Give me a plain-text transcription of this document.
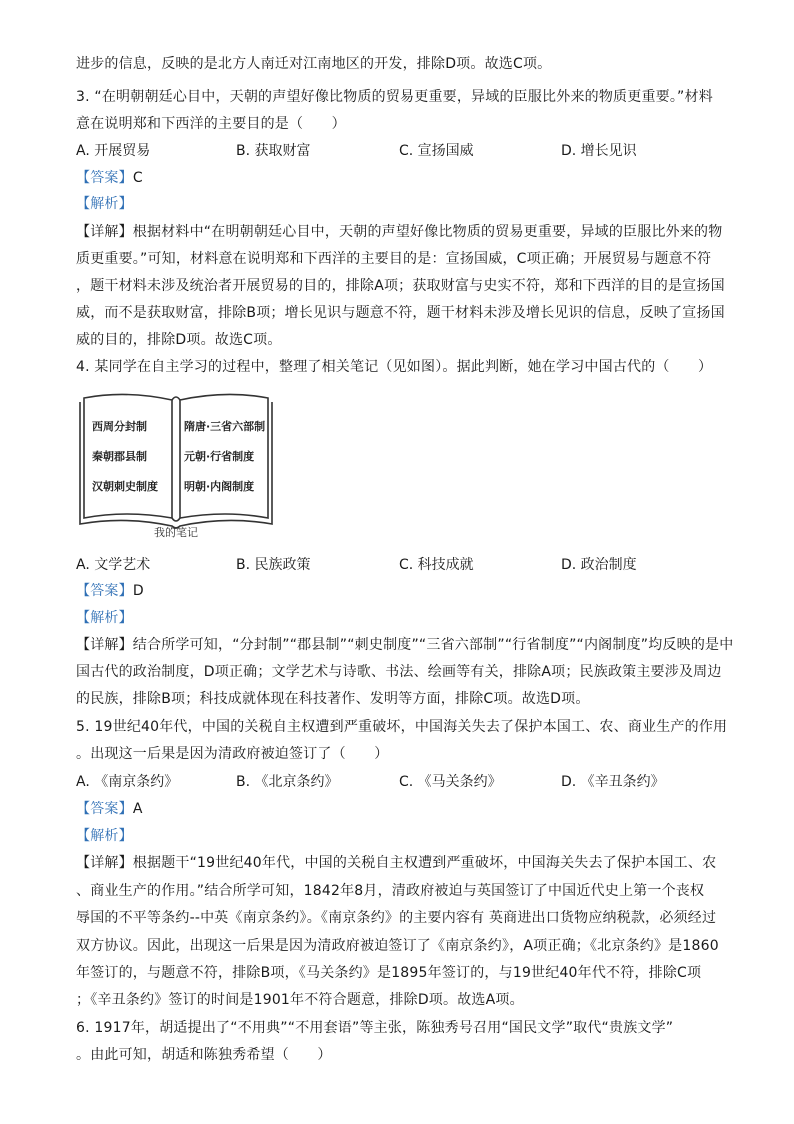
进步的信息，反映的是北方人南迁对江南地区的开发，排除D项。故选C项。
3. “在明朝朝廷心目中，天朝的声望好像比物质的贸易更重要，异域的臣服比外来的物质更重要。”材料
意在说明郑和下西洋的主要目的是（　　）
A. 开展贸易	B. 获取财富	C. 宣扬国威	D. 增长见识
【答案】C
【解析】
【详解】根据材料中“在明朝朝廷心目中，天朝的声望好像比物质的贸易更重要，异域的臣服比外来的物
质更重要。”可知，材料意在说明郑和下西洋的主要目的是：宣扬国威，C项正确；开展贸易与题意不符
，题干材料未涉及统治者开展贸易的目的，排除A项；获取财富与史实不符，郑和下西洋的目的是宣扬国
威，而不是获取财富，排除B项；增长见识与题意不符，题干材料未涉及增长见识的信息，反映了宣扬国
威的目的，排除D项。故选C项。
4. 某同学在自主学习的过程中，整理了相关笔记（见如图）。据此判断，她在学习中国古代的（　　）
西周分封制
秦朝郡县制
汉朝刺史制度
隋唐·三省六部制
元朝·行省制度
明朝·内阁制度
我的笔记
A. 文学艺术	B. 民族政策	C. 科技成就	D. 政治制度
【答案】D
【解析】
【详解】结合所学可知，“分封制”“郡县制”“刺史制度”“三省六部制”“行省制度”“内阁制度”均反映的是中
国古代的政治制度，D项正确；文学艺术与诗歌、书法、绘画等有关，排除A项；民族政策主要涉及周边
的民族，排除B项；科技成就体现在科技著作、发明等方面，排除C项。故选D项。
5. 19世纪40年代，中国的关税自主权遭到严重破坏，中国海关失去了保护本国工、农、商业生产的作用
。出现这一后果是因为清政府被迫签订了（　　）
A. 《南京条约》	B. 《北京条约》	C. 《马关条约》	D. 《辛丑条约》
【答案】A
【解析】
【详解】根据题干“19世纪40年代，中国的关税自主权遭到严重破坏，中国海关失去了保护本国工、农
、商业生产的作用。”结合所学可知，1842年8月，清政府被迫与英国签订了中国近代史上第一个丧权
辱国的不平等条约--中英《南京条约》。《南京条约》的主要内容有 英商进出口货物应纳税款，必须经过
双方协议。因此，出现这一后果是因为清政府被迫签订了《南京条约》，A项正确；《北京条约》是1860
年签订的，与题意不符，排除B项，《马关条约》是1895年签订的，与19世纪40年代不符，排除C项
；《辛丑条约》签订的时间是1901年不符合题意，排除D项。故选A项。
6. 1917年，胡适提出了“不用典”“不用套语”等主张，陈独秀号召用“国民文学”取代“贵族文学”
。由此可知，胡适和陈独秀希望（　　）
